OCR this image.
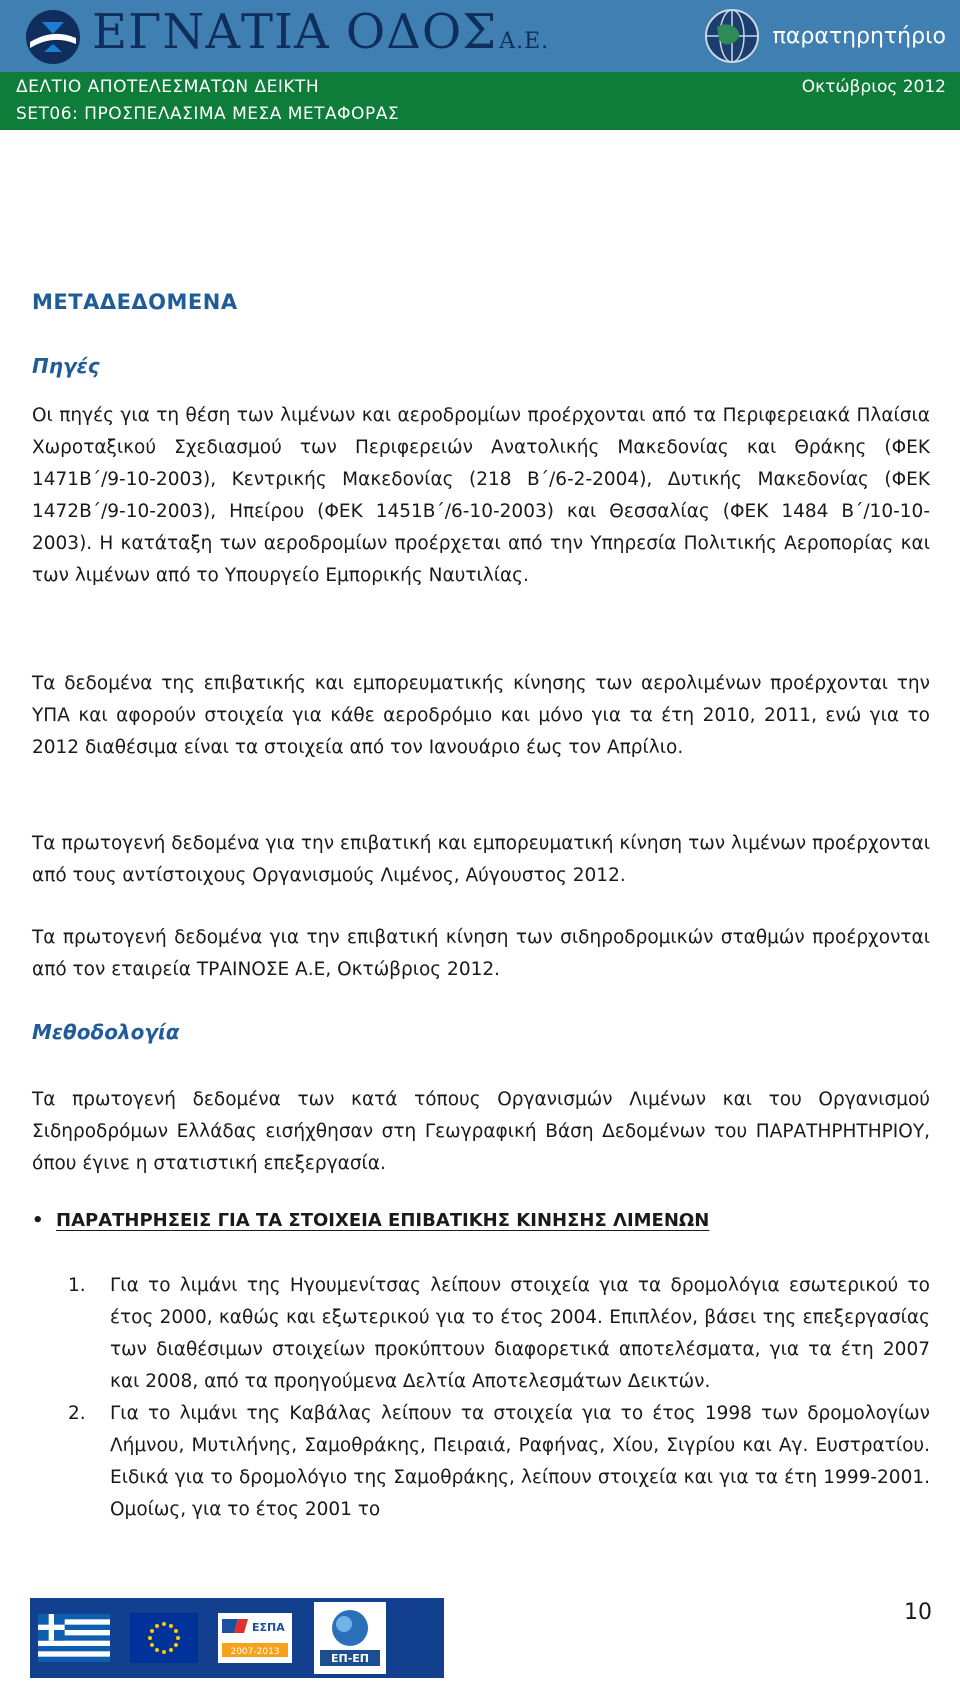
ΕΓΝΑΤΙΑ ΟΔΟΣΑ.Ε.	παρατηρητήριο
ΔΕΛΤΙΟ ΑΠΟΤΕΛΕΣΜΑΤΩΝ ΔΕΙΚΤΗ
SET06: ΠΡΟΣΠΕΛΑΣΙΜΑ ΜΕΣΑ ΜΕΤΑΦΟΡΑΣ
Οκτώβριος 2012
ΜΕΤΑΔΕΔΟΜΕΝΑ
Πηγές

Οι πηγές για τη θέση των λιμένων και αεροδρομίων προέρχονται από τα Περιφερειακά Πλαίσια Χωροταξικού Σχεδιασμού των Περιφερειών Ανατολικής Μακεδονίας και Θράκης (ΦΕΚ 1471Β΄/9-10-2003), Κεντρικής Μακεδονίας (218 Β΄/6-2-2004), Δυτικής Μακεδονίας (ΦΕΚ 1472Β΄/9-10-2003), Ηπείρου (ΦΕΚ 1451Β΄/6-10-2003) και Θεσσαλίας (ΦΕΚ 1484 Β΄/10-10-2003). Η κατάταξη των αεροδρομίων προέρχεται από την Υπηρεσία Πολιτικής Αεροπορίας και των λιμένων από το Υπουργείο Εμπορικής Ναυτιλίας.

Τα δεδομένα της επιβατικής και εμπορευματικής κίνησης των αερολιμένων προέρχονται την ΥΠΑ και αφορούν στοιχεία για κάθε αεροδρόμιο και μόνο για τα έτη 2010, 2011, ενώ για το 2012 διαθέσιμα είναι τα στοιχεία από τον Ιανουάριο έως τον Απρίλιο.

Τα πρωτογενή δεδομένα για την επιβατική και εμπορευματική κίνηση των λιμένων προέρχονται από τους αντίστοιχους Οργανισμούς Λιμένος, Αύγουστος 2012.

Τα πρωτογενή δεδομένα για την επιβατική κίνηση των σιδηροδρομικών σταθμών προέρχονται από τον εταιρεία ΤΡΑΙΝΟΣΕ Α.Ε, Οκτώβριος 2012.

Μεθοδολογία

Τα πρωτογενή δεδομένα των κατά τόπους Οργανισμών Λιμένων και του Οργανισμού Σιδηροδρόμων Ελλάδας εισήχθησαν στη Γεωγραφική Βάση Δεδομένων του ΠΑΡΑΤΗΡΗΤΗΡΙΟΥ, όπου έγινε η στατιστική επεξεργασία.

• ΠΑΡΑΤΗΡΗΣΕΙΣ ΓΙΑ ΤΑ ΣΤΟΙΧΕΙΑ ΕΠΙΒΑΤΙΚΗΣ ΚΙΝΗΣΗΣ ΛΙΜΕΝΩΝ
1. Για το λιμάνι της Ηγουμενίτσας λείπουν στοιχεία για τα δρομολόγια εσωτερικού το έτος 2000, καθώς και εξωτερικού για το έτος 2004. Επιπλέον, βάσει της επεξεργασίας των διαθέσιμων στοιχείων προκύπτουν διαφορετικά αποτελέσματα, για τα έτη 2007 και 2008, από τα προηγούμενα Δελτία Αποτελεσμάτων Δεικτών.
2. Για το λιμάνι της Καβάλας λείπουν τα στοιχεία για το έτος 1998 των δρομολογίων Λήμνου, Μυτιλήνης, Σαμοθράκης, Πειραιά, Ραφήνας, Χίου, Σιγρίου και Αγ. Ευστρατίου. Ειδικά για το δρομολόγιο της Σαμοθράκης, λείπουν στοιχεία και για τα έτη 1999-2001. Ομοίως, για το έτος 2001 το
ΕΣΠΑ
2007-2013	ΕΠ-ΕΠ
10
